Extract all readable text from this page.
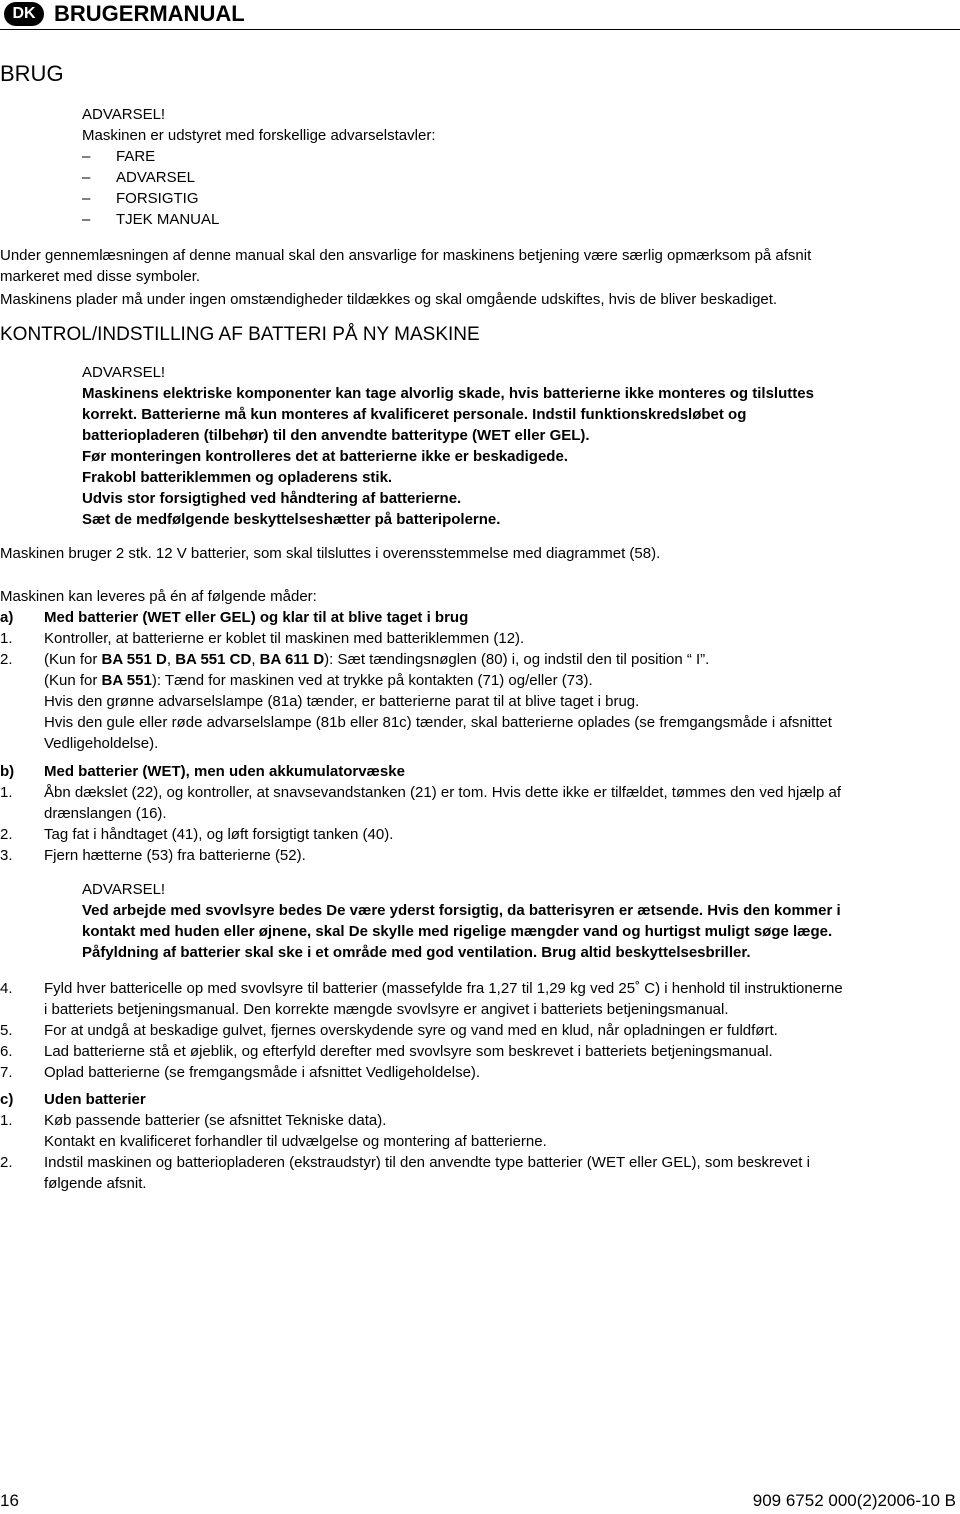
DK BRUGERMANUAL
BRUG
ADVARSEL!
Maskinen er udstyret med forskellige advarselstavler:
– FARE
– ADVARSEL
– FORSIGTIG
– TJEK MANUAL
Under gennemlæsningen af denne manual skal den ansvarlige for maskinens betjening være særlig opmærksom på afsnit
markeret med disse symboler.
Maskinens plader må under ingen omstændigheder tildækkes og skal omgående udskiftes, hvis de bliver beskadiget.
KONTROL/INDSTILLING AF BATTERI PÅ NY MASKINE
ADVARSEL!
Maskinens elektriske komponenter kan tage alvorlig skade, hvis batterierne ikke monteres og tilsluttes
korrekt. Batterierne må kun monteres af kvalificeret personale. Indstil funktionskredsløbet og
batteriopladeren (tilbehør) til den anvendte batteritype (WET eller GEL).
Før monteringen kontrolleres det at batterierne ikke er beskadigede.
Frakobl batteriklemmen og opladerens stik.
Udvis stor forsigtighed ved håndtering af batterierne.
Sæt de medfølgende beskyttelseshætter på batteripolerne.
Maskinen bruger 2 stk. 12 V batterier, som skal tilsluttes i overensstemmelse med diagrammet (58).
Maskinen kan leveres på én af følgende måder:
a) Med batterier (WET eller GEL) og klar til at blive taget i brug
1. Kontroller, at batterierne er koblet til maskinen med batteriklemmen (12).
2. (Kun for BA 551 D, BA 551 CD, BA 611 D): Sæt tændingsnøglen (80) i, og indstil den til position “ I”.
(Kun for BA 551): Tænd for maskinen ved at trykke på kontakten (71) og/eller (73).
Hvis den grønne advarselslampe (81a) tænder, er batterierne parat til at blive taget i brug.
Hvis den gule eller røde advarselslampe (81b eller 81c) tænder, skal batterierne oplades (se fremgangsmåde i afsnittet
Vedligeholdelse).
b) Med batterier (WET), men uden akkumulatorvæske
1. Åbn dækslet (22), og kontroller, at snavsevandstanken (21) er tom. Hvis dette ikke er tilfældet, tømmes den ved hjælp af
drænslangen (16).
2. Tag fat i håndtaget (41), og løft forsigtigt tanken (40).
3. Fjern hætterne (53) fra batterierne (52).
ADVARSEL!
Ved arbejde med svovlsyre bedes De være yderst forsigtig, da batterisyren er ætsende. Hvis den kommer i
kontakt med huden eller øjnene, skal De skylle med rigelige mængder vand og hurtigst muligt søge læge.
Påfyldning af batterier skal ske i et område med god ventilation. Brug altid beskyttelsesbriller.
4. Fyld hver battericelle op med svovlsyre til batterier (massefylde fra 1,27 til 1,29 kg ved 25˚ C) i henhold til instruktionerne
i batteriets betjeningsmanual. Den korrekte mængde svovlsyre er angivet i batteriets betjeningsmanual.
5. For at undgå at beskadige gulvet, fjernes overskydende syre og vand med en klud, når opladningen er fuldført.
6. Lad batterierne stå et øjeblik, og efterfyld derefter med svovlsyre som beskrevet i batteriets betjeningsmanual.
7. Oplad batterierne (se fremgangsmåde i afsnittet Vedligeholdelse).
c) Uden batterier
1. Køb passende batterier (se afsnittet Tekniske data).
Kontakt en kvalificeret forhandler til udvælgelse og montering af batterierne.
2. Indstil maskinen og batteriopladeren (ekstraudstyr) til den anvendte type batterier (WET eller GEL), som beskrevet i
følgende afsnit.
16	909 6752 000(2)2006-10 B
